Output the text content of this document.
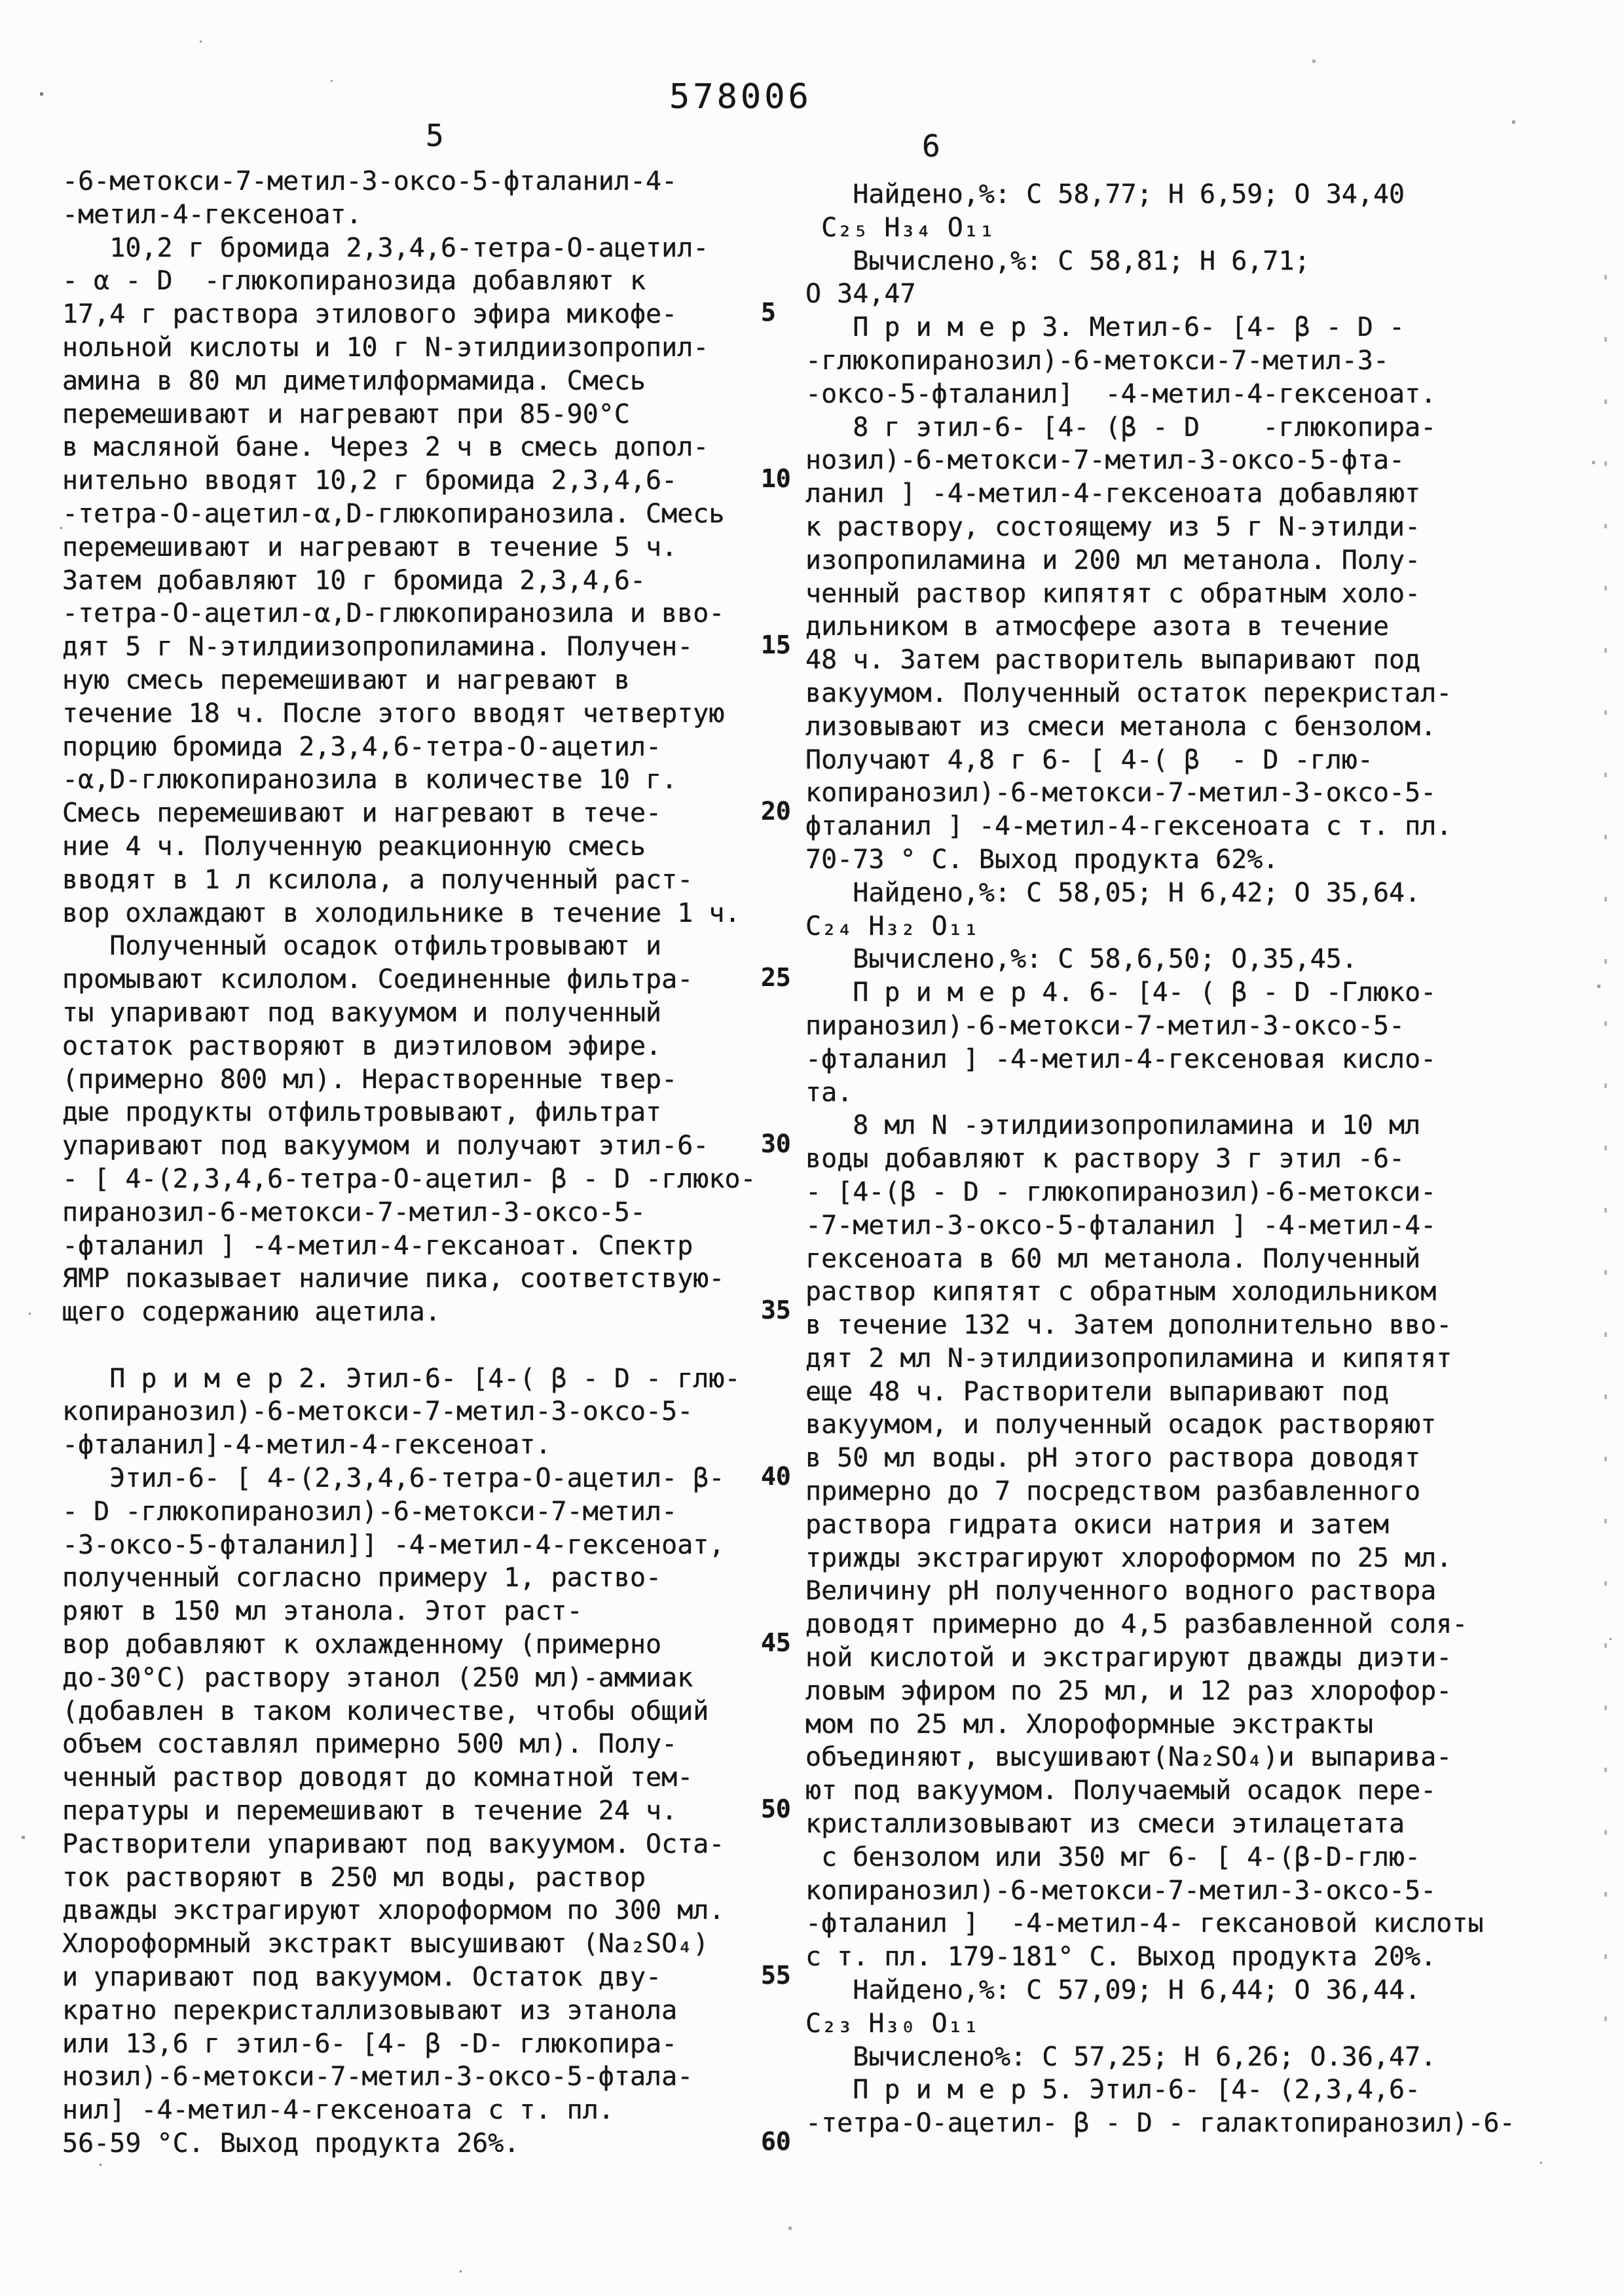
578006
5	6
-6-метокси-7-метил-3-оксо-5-фталанил-4-
-метил-4-гексеноат.
10,2 г бромида 2,3,4,6-тетра-О-ацетил-
- α - D  -глюкопиранозида добавляют к
17,4 г раствора этилового эфира микофе-
нольной кислоты и 10 г N-этилдиизопропил-
амина в 80 мл диметилформамида. Смесь
перемешивают и нагревают при 85-90°С
в масляной бане. Через 2 ч в смесь допол-
нительно вводят 10,2 г бромида 2,3,4,6-
-тетра-О-ацетил-α,D-глюкопиранозила. Смесь
перемешивают и нагревают в течение 5 ч.
Затем добавляют 10 г бромида 2,3,4,6-
-тетра-О-ацетил-α,D-глюкопиранозила и вво-
дят 5 г N-этилдиизопропиламина. Получен-
ную смесь перемешивают и нагревают в
течение 18 ч. После этого вводят четвертую
порцию бромида 2,3,4,6-тетра-О-ацетил-
-α,D-глюкопиранозила в количестве 10 г.
Смесь перемешивают и нагревают в тече-
ние 4 ч. Полученную реакционную смесь
вводят в 1 л ксилола, а полученный раст-
вор охлаждают в холодильнике в течение 1 ч.
Полученный осадок отфильтровывают и
промывают ксилолом. Соединенные фильтра-
ты упаривают под вакуумом и полученный
остаток растворяют в диэтиловом эфире.
(примерно 800 мл). Нерастворенные твер-
дые продукты отфильтровывают, фильтрат
упаривают под вакуумом и получают этил-6-
- [ 4-(2,3,4,6-тетра-О-ацетил- β - D -глюко-
пиранозил-6-метокси-7-метил-3-оксо-5-
-фталанил ] -4-метил-4-гексаноат. Спектр
ЯМР показывает наличие пика, соответствую-
щего содержанию ацетила.
П р и м е р 2. Этил-6- [4-( β - D - глю-
копиранозил)-6-метокси-7-метил-3-оксо-5-
-фталанил]-4-метил-4-гексеноат.
Этил-6- [ 4-(2,3,4,6-тетра-О-ацетил- β-
- D -глюкопиранозил)-6-метокси-7-метил-
-3-оксо-5-фталанил]] -4-метил-4-гексеноат,
полученный согласно примеру 1, раство-
ряют в 150 мл этанола. Этот раст-
вор добавляют к охлажденному (примерно
до-30°С) раствору этанол (250 мл)-аммиак
(добавлен в таком количестве, чтобы общий
объем составлял примерно 500 мл). Полу-
ченный раствор доводят до комнатной тем-
пературы и перемешивают в течение 24 ч.
Растворители упаривают под вакуумом. Оста-
ток растворяют в 250 мл воды, раствор
дважды экстрагируют хлороформом по 300 мл.
Хлороформный экстракт высушивают (Nа₂SО₄)
и упаривают под вакуумом. Остаток дву-
кратно перекристаллизовывают из этанола
или 13,6 г этил-6- [4- β -D- глюкопира-
нозил)-6-метокси-7-метил-3-оксо-5-фтала-
нил] -4-метил-4-гексеноата с т. пл.
56-59 °С. Выход продукта 26%.
Найдено,%: С 58,77; Н 6,59; О 34,40
С₂₅ Н₃₄ О₁₁
Вычислено,%: С 58,81; Н 6,71;
О 34,47
П р и м е р 3. Метил-6- [4- β - D -
-глюкопиранозил)-6-метокси-7-метил-3-
-оксо-5-фталанил]  -4-метил-4-гексеноат.
8 г этил-6- [4- (β - D    -глюкопира-
нозил)-6-метокси-7-метил-3-оксо-5-фта-
ланил ] -4-метил-4-гексеноата добавляют
к раствору, состоящему из 5 г N-этилди-
изопропиламина и 200 мл метанола. Полу-
ченный раствор кипятят с обратным холо-
дильником в атмосфере азота в течение
48 ч. Затем растворитель выпаривают под
вакуумом. Полученный остаток перекристал-
лизовывают из смеси метанола с бензолом.
Получают 4,8 г 6- [ 4-( β  - D -глю-
копиранозил)-6-метокси-7-метил-3-оксо-5-
фталанил ] -4-метил-4-гексеноата с т. пл.
70-73 ° С. Выход продукта 62%.
Найдено,%: С 58,05; Н 6,42; О 35,64.
С₂₄ Н₃₂ О₁₁
Вычислено,%: С 58,6,50; О,35,45.
П р и м е р 4. 6- [4- ( β - D -Глюко-
пиранозил)-6-метокси-7-метил-3-оксо-5-
-фталанил ] -4-метил-4-гексеновая кисло-
та.
8 мл N -этилдиизопропиламина и 10 мл
воды добавляют к раствору 3 г этил -6-
- [4-(β - D - глюкопиранозил)-6-метокси-
-7-метил-3-оксо-5-фталанил ] -4-метил-4-
гексеноата в 60 мл метанола. Полученный
раствор кипятят с обратным холодильником
в течение 132 ч. Затем дополнительно вво-
дят 2 мл N-этилдиизопропиламина и кипятят
еще 48 ч. Растворители выпаривают под
вакуумом, и полученный осадок растворяют
в 50 мл воды. pH этого раствора доводят
примерно до 7 посредством разбавленного
раствора гидрата окиси натрия и затем
трижды экстрагируют хлороформом по 25 мл.
Величину pH полученного водного раствора
доводят примерно до 4,5 разбавленной соля-
ной кислотой и экстрагируют дважды диэти-
ловым эфиром по 25 мл, и 12 раз хлорофор-
мом по 25 мл. Хлороформные экстракты
объединяют, высушивают(Nа₂SО₄)и выпарива-
ют под вакуумом. Получаемый осадок пере-
кристаллизовывают из смеси этилацетата
с бензолом или 350 мг 6- [ 4-(β-D-глю-
копиранозил)-6-метокси-7-метил-3-оксо-5-
-фталанил ]  -4-метил-4- гексановой кислоты
с т. пл. 179-181° С. Выход продукта 20%.
Найдено,%: С 57,09; Н 6,44; О 36,44.
С₂₃ Н₃₀ О₁₁
Вычислено%: С 57,25; Н 6,26; О.36,47.
П р и м е р 5. Этил-6- [4- (2,3,4,6-
-тетра-О-ацетил- β - D - галактопиранозил)-6-
5
10
15
20
25
30
35
40
45
50
55
60
